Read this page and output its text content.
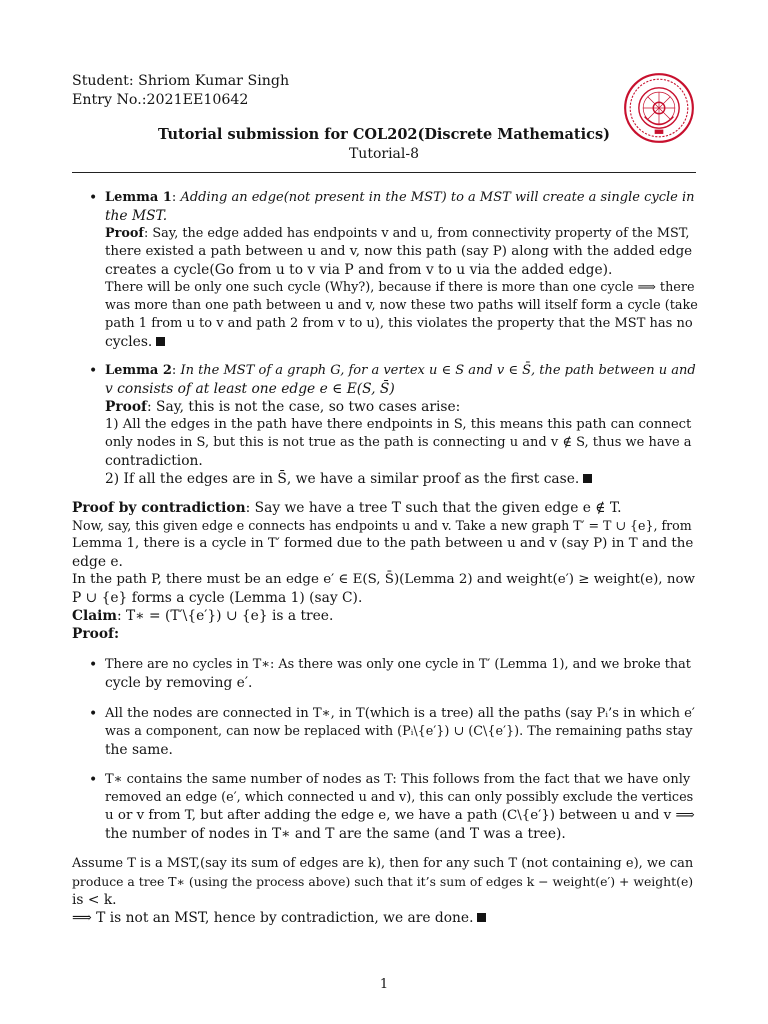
Student: Shriom Kumar Singh
Entry No.:2021EE10642
Tutorial submission for COL202(Discrete Mathematics)
Tutorial-8
• Lemma 1: Adding an edge(not present in the MST) to a MST will create a single cycle in
the MST.
Proof: Say, the edge added has endpoints v and u, from connectivity property of the MST,
there existed a path between u and v, now this path (say P) along with the added edge
creates a cycle(Go from u to v via P and from v to u via the added edge).
There will be only one such cycle (Why?), because if there is more than one cycle ⟹ there
was more than one path between u and v, now these two paths will itself form a cycle (take
path 1 from u to v and path 2 from v to u), this violates the property that the MST has no
cycles.
• Lemma 2: In the MST of a graph G, for a vertex u ∈ S and v ∈ S̄, the path between u and
v consists of at least one edge e ∈ E(S, S̄)
Proof: Say, this is not the case, so two cases arise:
1) All the edges in the path have there endpoints in S, this means this path can connect
only nodes in S, but this is not true as the path is connecting u and v ∉ S, thus we have a
contradiction.
2) If all the edges are in S̄, we have a similar proof as the first case.
Proof by contradiction: Say we have a tree T such that the given edge e ∉ T.
Now, say, this given edge e connects has endpoints u and v. Take a new graph T′ = T ∪ {e}, from
Lemma 1, there is a cycle in T′ formed due to the path between u and v (say P) in T and the
edge e.
In the path P, there must be an edge e′ ∈ E(S, S̄)(Lemma 2) and weight(e′) ≥ weight(e), now
P ∪ {e} forms a cycle (Lemma 1) (say C).
Claim: T∗ = (T′\{e′}) ∪ {e} is a tree.
Proof:
• There are no cycles in T∗: As there was only one cycle in T′ (Lemma 1), and we broke that
cycle by removing e′.
• All the nodes are connected in T∗, in T(which is a tree) all the paths (say Pᵢ’s in which e′
was a component, can now be replaced with (Pᵢ\{e′}) ∪ (C\{e′}). The remaining paths stay
the same.
• T∗ contains the same number of nodes as T: This follows from the fact that we have only
removed an edge (e′, which connected u and v), this can only possibly exclude the vertices
u or v from T, but after adding the edge e, we have a path (C\{e′}) between u and v ⟹
the number of nodes in T∗ and T are the same (and T was a tree).
Assume T is a MST,(say its sum of edges are k), then for any such T (not containing e), we can
produce a tree T∗ (using the process above) such that it’s sum of edges k − weight(e′) + weight(e)
is < k.
⟹ T is not an MST, hence by contradiction, we are done.
1
